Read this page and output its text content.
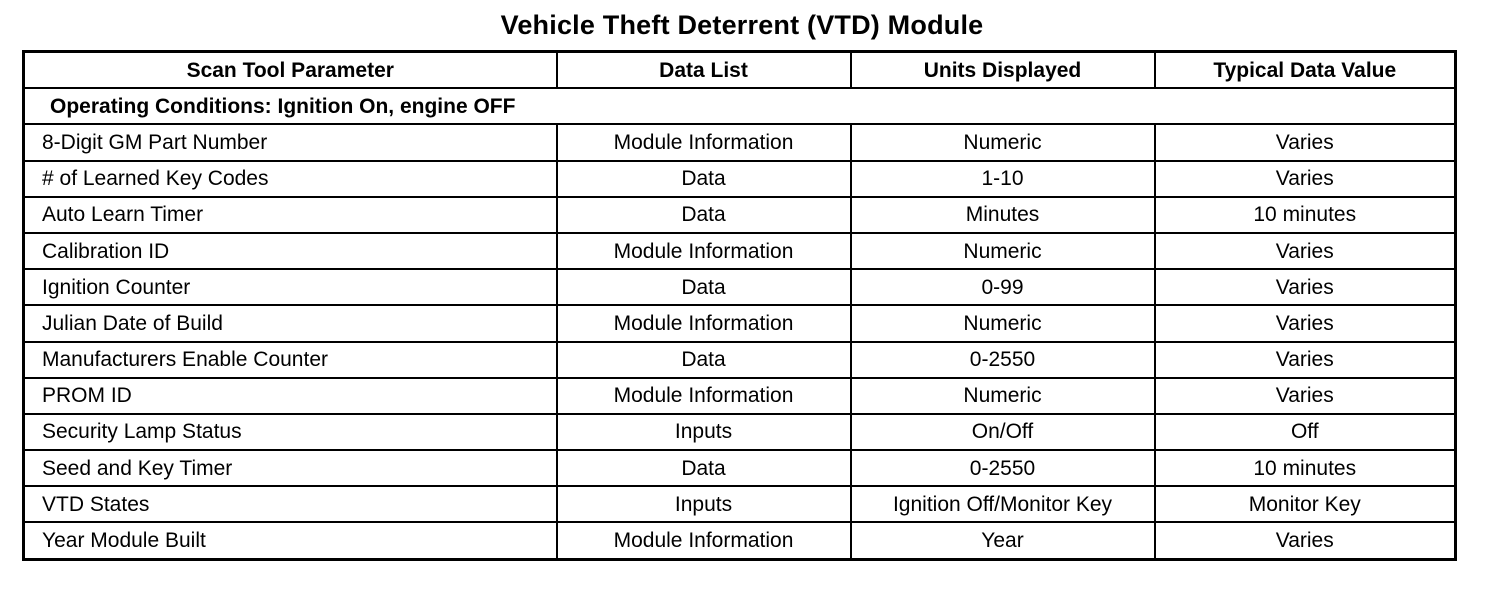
Vehicle Theft Deterrent (VTD) Module
Scan Tool Parameter	Data List	Units Displayed	Typical Data Value
Operating Conditions: Ignition On, engine OFF			
8-Digit GM Part Number	Module Information	Numeric	Varies
# of Learned Key Codes	Data	1-10	Varies
Auto Learn Timer	Data	Minutes	10 minutes
Calibration ID	Module Information	Numeric	Varies
Ignition Counter	Data	0-99	Varies
Julian Date of Build	Module Information	Numeric	Varies
Manufacturers Enable Counter	Data	0-2550	Varies
PROM ID	Module Information	Numeric	Varies
Security Lamp Status	Inputs	On/Off	Off
Seed and Key Timer	Data	0-2550	10 minutes
VTD States	Inputs	Ignition Off/Monitor Key	Monitor Key
Year Module Built	Module Information	Year	Varies
